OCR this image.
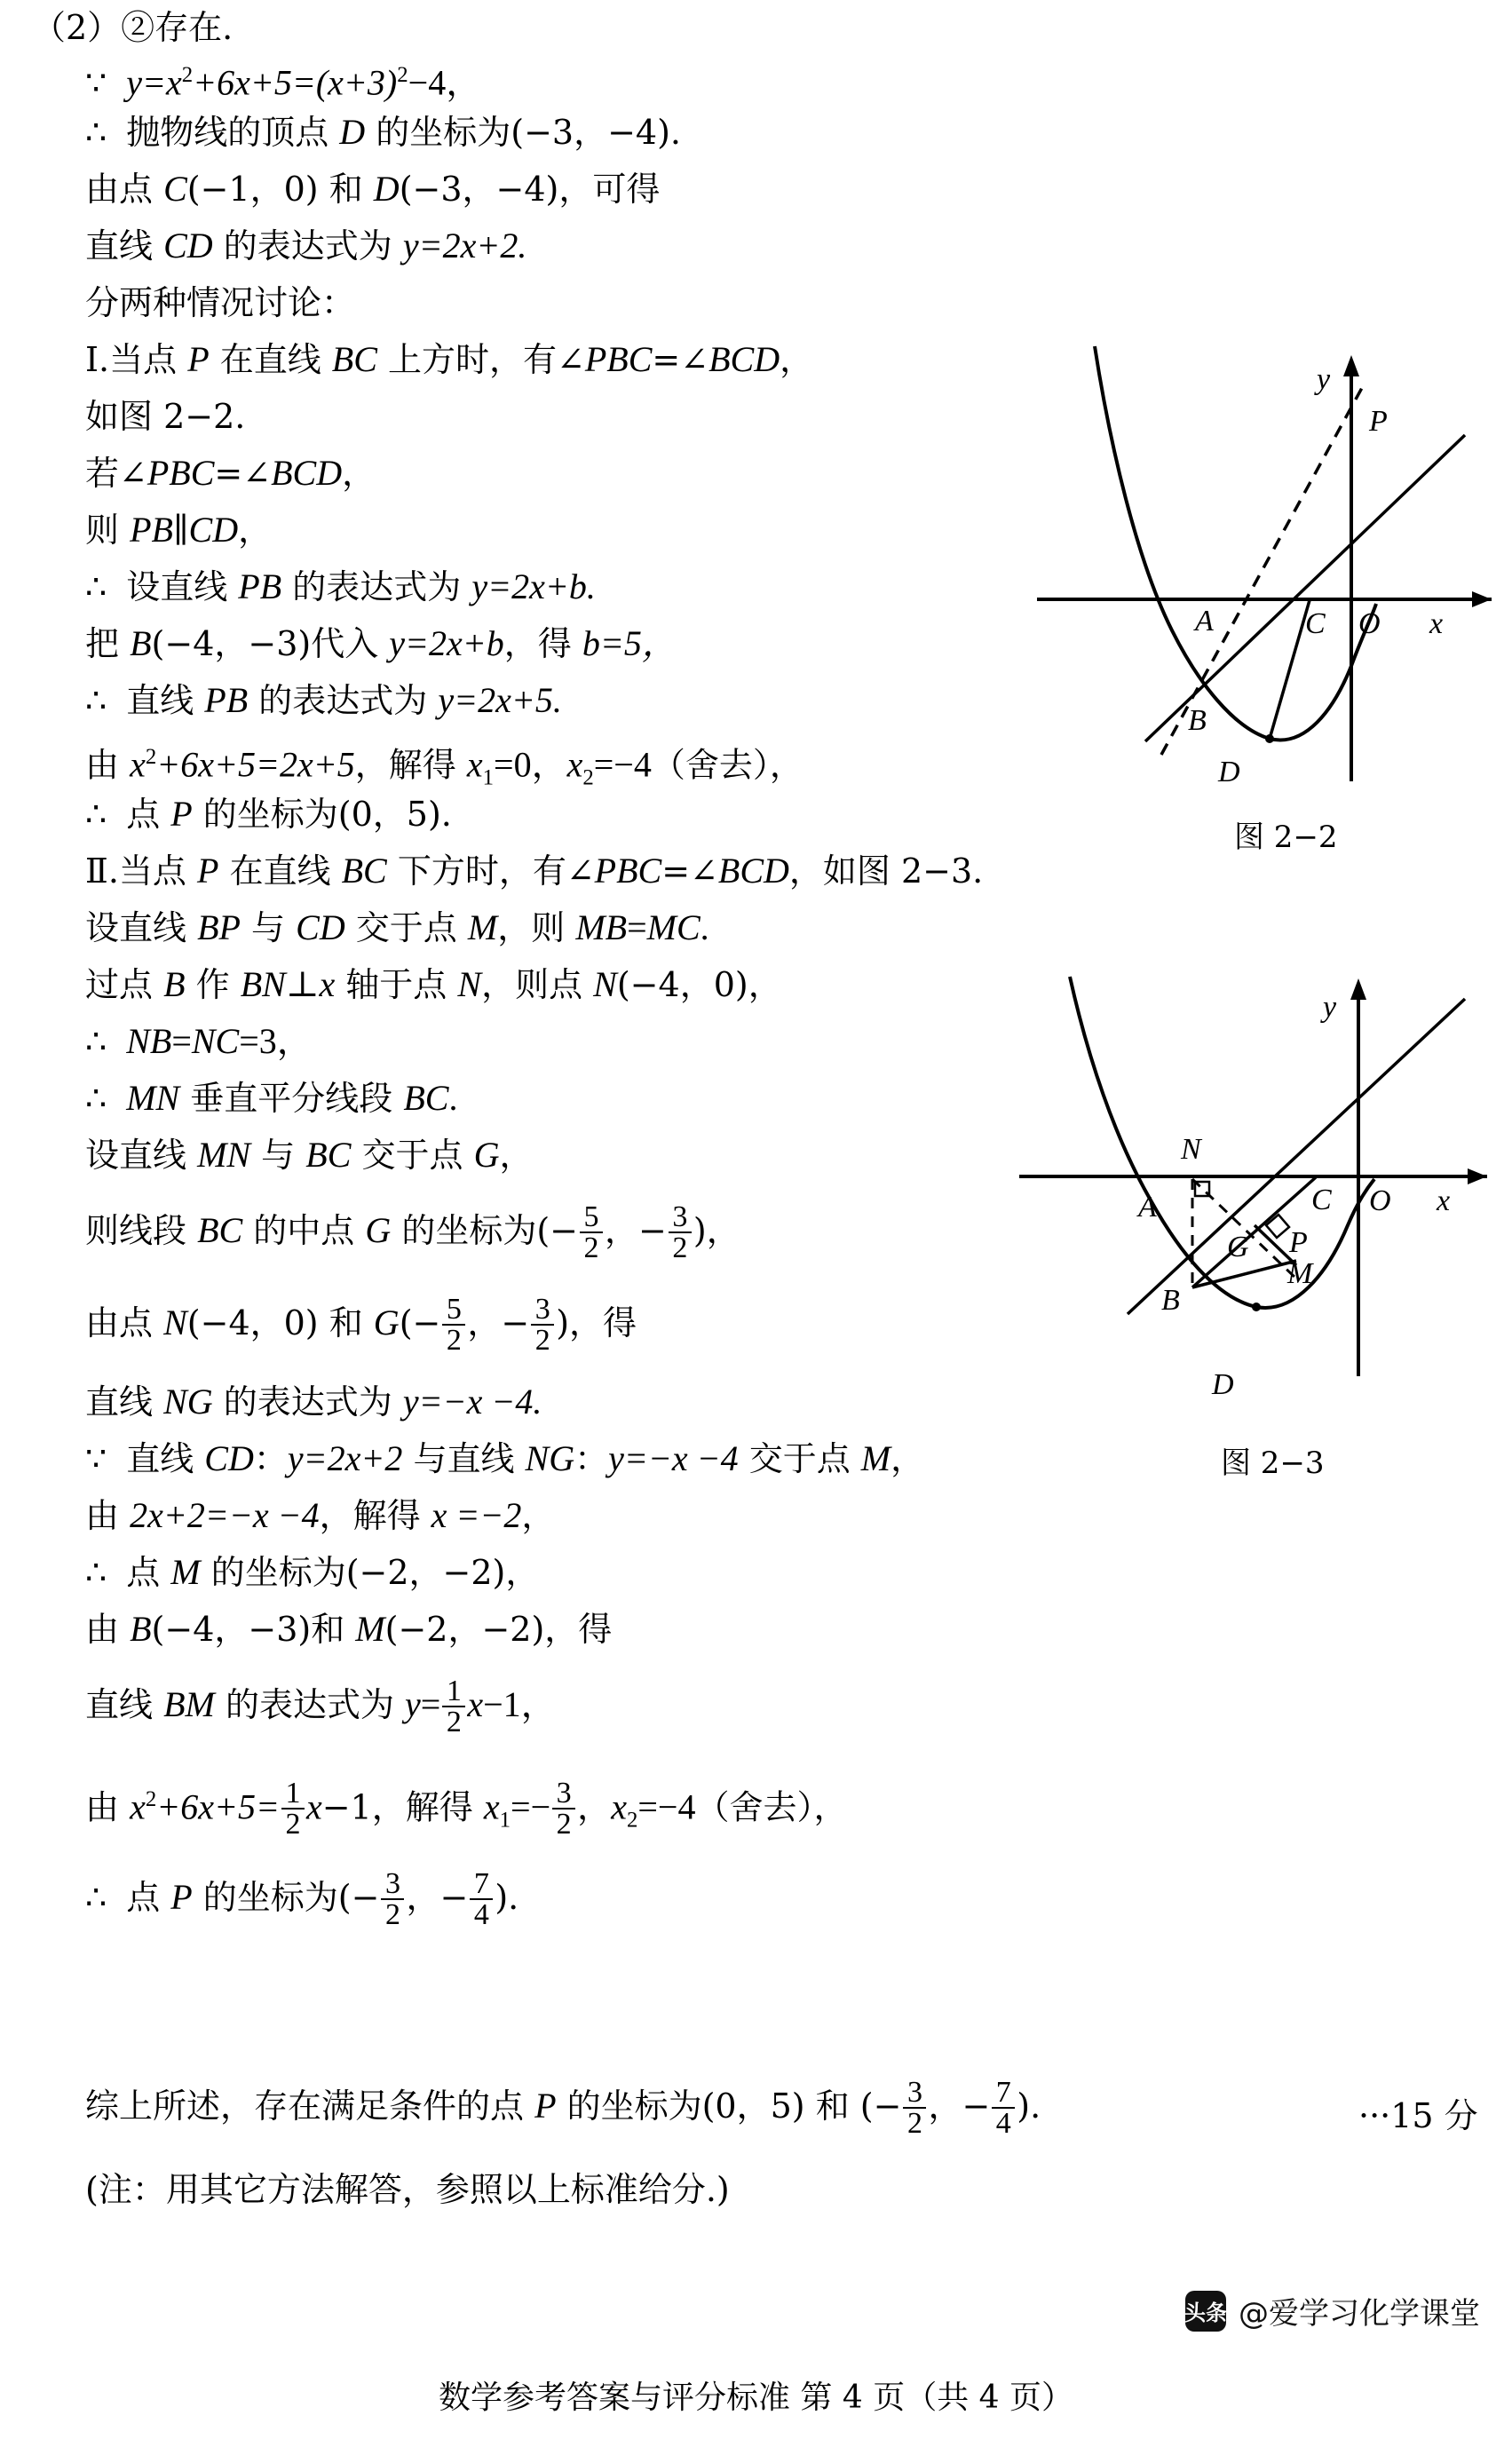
（2）②存在.
∵ $y=x^2+6x+5=(x+3)^2-4$，
∴ 抛物线的顶点 D 的坐标为(−3，−4).
由点 C(−1，0) 和 D(−3，−4)，可得
直线 CD 的表达式为 y=2x+2.
分两种情况讨论：
Ⅰ.当点 P 在直线 BC 上方时，有∠PBC=∠BCD，
如图 2−2.
若∠PBC=∠BCD，
则 PB∥CD，
∴ 设直线 PB 的表达式为 y=2x+b.
把 B(−4，−3)代入 y=2x+b，得 b=5，
∴ 直线 PB 的表达式为 y=2x+5.
由 $x^2+6x+5=2x+5$，解得 $x_1=0$，$x_2=-4$（舍去），
∴ 点 P 的坐标为(0，5).
Ⅱ.当点 P 在直线 BC 下方时，有∠PBC=∠BCD，如图 2−3.
设直线 BP 与 CD 交于点 M，则 MB=MC.
过点 B 作 BN⊥x 轴于点 N，则点 N(−4，0)，
∴ NB=NC=3，
∴ MN 垂直平分线段 BC.
设直线 MN 与 BC 交于点 G，
则线段 BC 的中点 G 的坐标为(− $\frac{5}{2}$ ，− $\frac{3}{2}$ )，
由点 N(−4，0) 和 $G(- \frac{5}{2}$ ，− $\frac{3}{2}$ )，得
直线 NG 的表达式为 y=−x −4.
∵ 直线 CD：y=2x+2 与直线 NG：y=−x −4 交于点 M，
由 2x+2=−x −4，解得 x =−2，
∴ 点 M 的坐标为(−2，−2)，
由 B(−4，−3)和 M(−2，−2)，得
直线 BM 的表达式为 $y= \frac{1}{2} x-1$，
由 $x^2+6x+5= \frac{1}{2} x-1$，解得 $x_1=- \frac{3}{2}$ ，$x_2=-4$（舍去），
∴ 点 P 的坐标为(− $\frac{3}{2}$ ，− $\frac{7}{4}$ ).
综上所述，存在满足条件的点 P 的坐标为(0，5) 和 (− $\frac{3}{2}$ ，− $\frac{7}{4}$ ).
(注：用其它方法解答，参照以上标准给分.)
···15 分
A
B
C
D
P
y
O x
图 2−2
N
A
B
C
D
G
M
P
y
O x
图 2−3
头条 @爱学习化学课堂
数学参考答案与评分标准 第 4 页（共 4 页）
